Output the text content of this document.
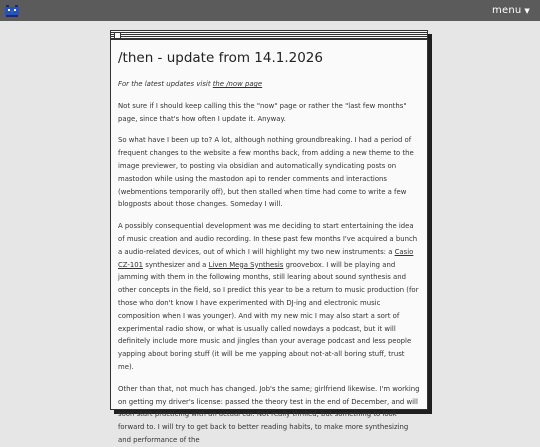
menu ▼
/then - update from 14.1.2026

For the latest updates visit the /now page

Not sure if I should keep calling this the "now" page or rather the "last few months" page, since that's how often I update it. Anyway.

So what have I been up to? A lot, although nothing groundbreaking. I had a period of frequent changes to the website a few months back, from adding a new theme to the image previewer, to posting via obsidian and automatically syndicating posts on mastodon while using the mastodon api to render comments and interactions (webmentions temporarily off), but then stalled when time had come to write a few blogposts about those changes. Someday I will.

A possibly consequential development was me deciding to start entertaining the idea of music creation and audio recording. In these past few months I've acquired a bunch a audio-related devices, out of which I will highlight my two new instruments: a Casio CZ-101 synthesizer and a Liven Mega Synthesis groovebox. I will be playing and jamming with them in the following months, still learing about sound synthesis and other concepts in the field, so I predict this year to be a return to music production (for those who don't know I have experimented with DJ-ing and electronic music composition when I was younger). And with my new mic I may also start a sort of experimental radio show, or what is usually called nowdays a podcast, but it will definitely include more music and jingles than your average podcast and less people yapping about boring stuff (it will be me yapping about not-at-all boring stuff, trust me).

Other than that, not much has changed. Job's the same; girlfriend likewise. I'm working on getting my driver's license: passed the theory test in the end of December, and will soon start practicing with an actual car. Not really thrilled, but something to look forward to. I will try to get back to better reading habits, to make more synthesizing and performance of the
